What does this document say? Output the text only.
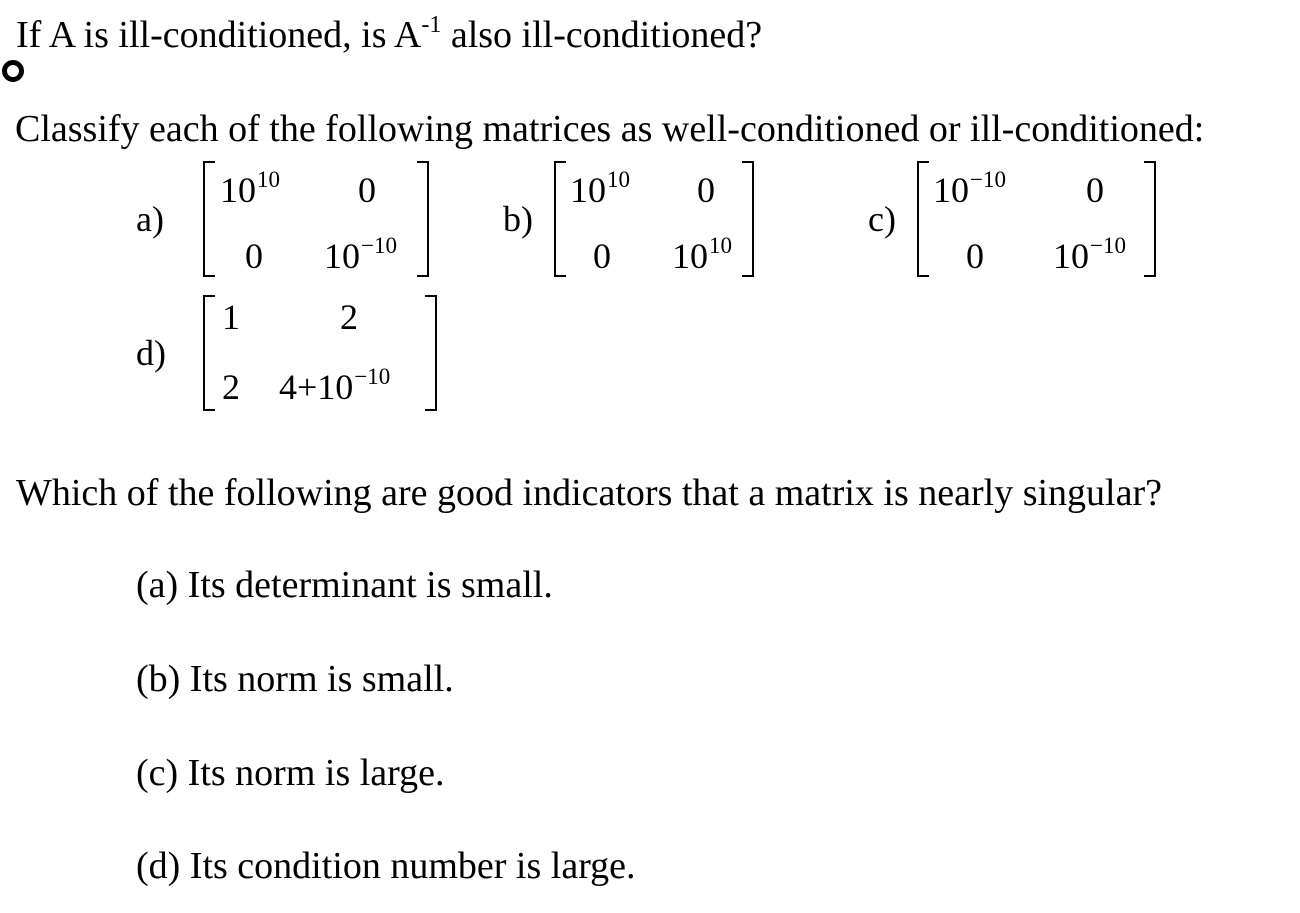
If A is ill-conditioned, is $A^{-1}$ also ill-conditioned?
Classify each of the following matrices as well-conditioned or ill-conditioned:
a)
$10^{10}$ 0
0 $10^{-10}$
b)
$10^{10}$ 0
0 $10^{10}$
c)
$10^{-10}$ 0
0 $10^{-10}$
d)
1	2
2 $4+10^{-10}$
Which of the following are good indicators that a matrix is nearly singular?
(a) Its determinant is small.
(b) Its norm is small.
(c) Its norm is large.
(d) Its condition number is large.
